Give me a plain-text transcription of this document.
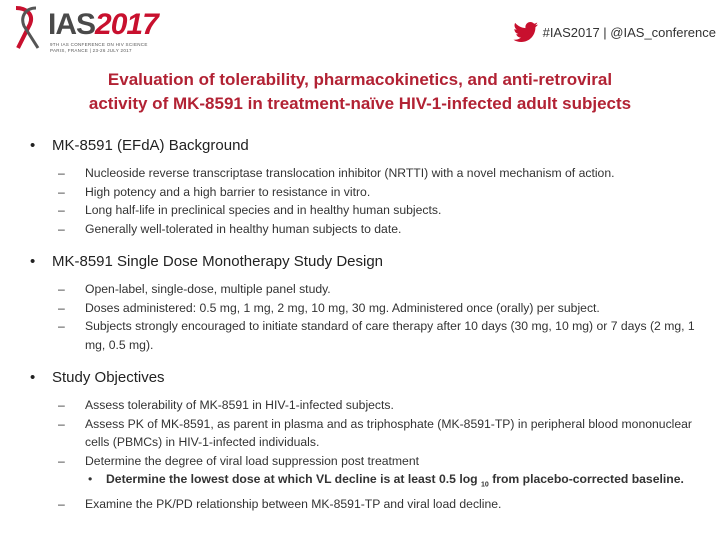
IAS2017
9TH IAS CONFERENCE ON HIV SCIENCE
PARIS, FRANCE | 23-26 JULY 2017
#IAS2017 | @IAS_conference
Evaluation of tolerability, pharmacokinetics, and anti-retroviral
activity of MK-8591 in treatment-naïve HIV-1-infected adult subjects
•	MK-8591 (EFdA) Background
–	Nucleoside reverse transcriptase translocation inhibitor (NRTTI) with a novel mechanism of action.
–	High potency and a high barrier to resistance in vitro.
–	Long half-life in preclinical species and in healthy human subjects.
–	Generally well-tolerated in healthy human subjects to date.
•	MK-8591 Single Dose Monotherapy Study Design
–	Open-label, single-dose, multiple panel study.
–	Doses administered: 0.5 mg, 1 mg, 2 mg, 10 mg, 30 mg. Administered once (orally) per subject.
–	Subjects strongly encouraged to initiate standard of care therapy after 10 days (30 mg, 10 mg) or 7 days (2 mg, 1 mg, 0.5 mg).
•	Study Objectives
–	Assess tolerability of MK-8591 in HIV-1-infected subjects.
–	Assess PK of MK-8591, as parent in plasma and as triphosphate (MK-8591-TP) in peripheral blood mononuclear cells (PBMCs) in HIV-1-infected individuals.
–	Determine the degree of viral load suppression post treatment
•	Determine the lowest dose at which VL decline is at least 0.5 log $_{10}$ from placebo-corrected baseline.
–	Examine the PK/PD relationship between MK-8591-TP and viral load decline.
